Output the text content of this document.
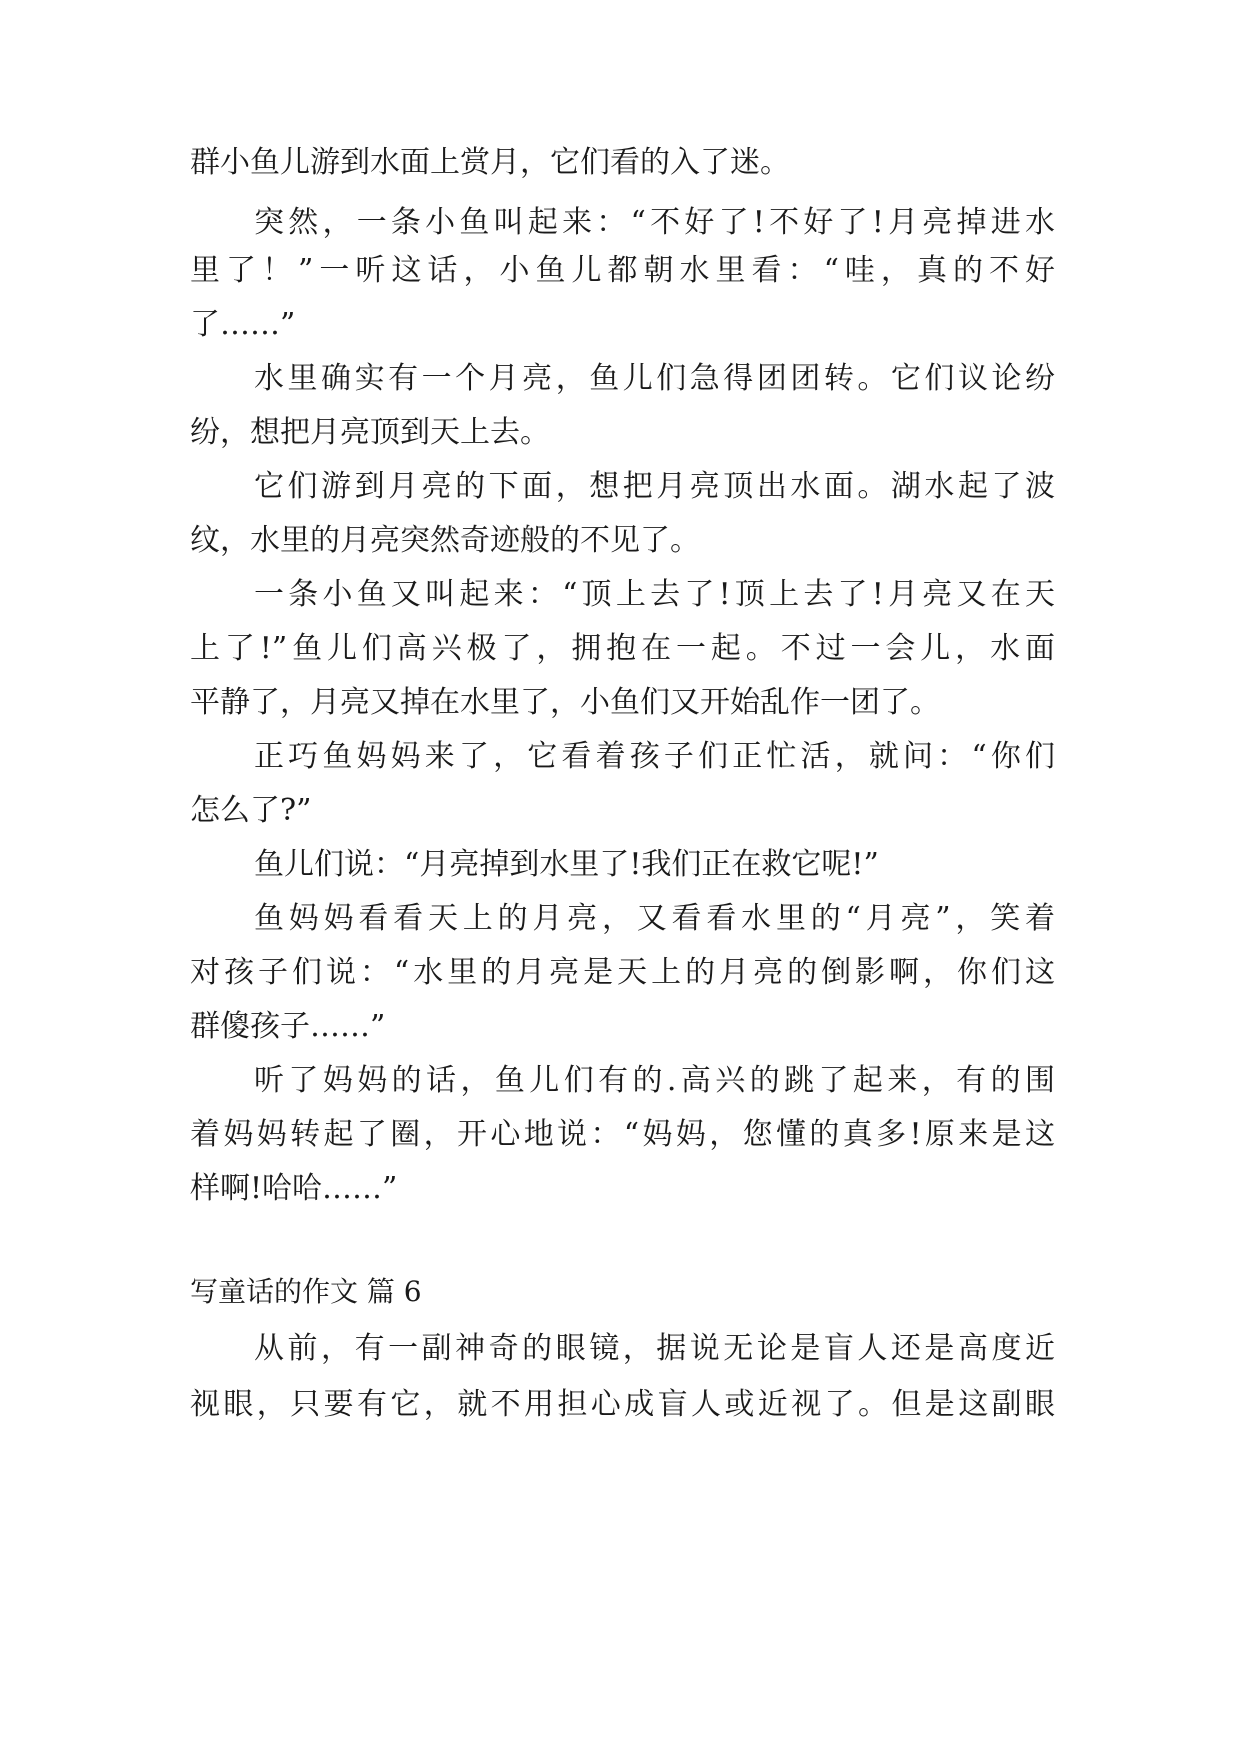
群小鱼儿游到水面上赏月，它们看的入了迷。
突然，一条小鱼叫起来：“不好了!不好了!月亮掉进水
里了！”一听这话，小鱼儿都朝水里看：“哇，真的不好
了……”
水里确实有一个月亮，鱼儿们急得团团转。它们议论纷
纷，想把月亮顶到天上去。
它们游到月亮的下面，想把月亮顶出水面。湖水起了波
纹，水里的月亮突然奇迹般的不见了。
一条小鱼又叫起来：“顶上去了!顶上去了!月亮又在天
上了!”鱼儿们高兴极了，拥抱在一起。不过一会儿，水面
平静了，月亮又掉在水里了，小鱼们又开始乱作一团了。
正巧鱼妈妈来了，它看着孩子们正忙活，就问：“你们
怎么了?”
鱼儿们说：“月亮掉到水里了!我们正在救它呢!”
鱼妈妈看看天上的月亮，又看看水里的“月亮”，笑着
对孩子们说：“水里的月亮是天上的月亮的倒影啊，你们这
群傻孩子……”
听了妈妈的话，鱼儿们有的.高兴的跳了起来，有的围
着妈妈转起了圈，开心地说：“妈妈，您懂的真多!原来是这
样啊!哈哈……”
写童话的作文 篇 6
从前，有一副神奇的眼镜，据说无论是盲人还是高度近
视眼，只要有它，就不用担心成盲人或近视了。但是这副眼
